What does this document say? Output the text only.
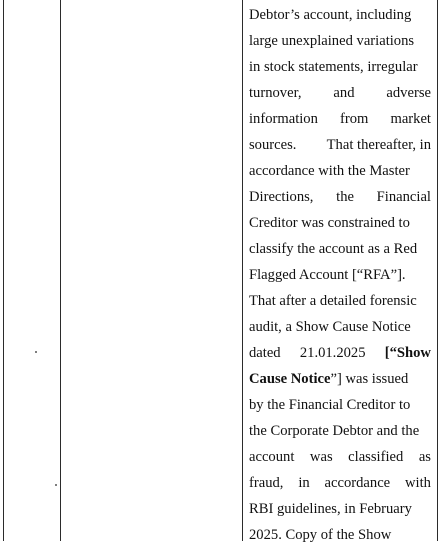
Debtor’s account, including
large unexplained variations
in stock statements, irregular
turnover, and adverse
information from market
sources. That thereafter, in
accordance with the Master
Directions, the Financial
Creditor was constrained to
classify the account as a Red
Flagged Account [“RFA”].
That after a detailed forensic
audit, a Show Cause Notice
dated 21.01.2025 [“Show
Cause Notice”] was issued
by the Financial Creditor to
the Corporate Debtor and the
account was classified as
fraud, in accordance with
RBI guidelines, in February
2025. Copy of the Show
